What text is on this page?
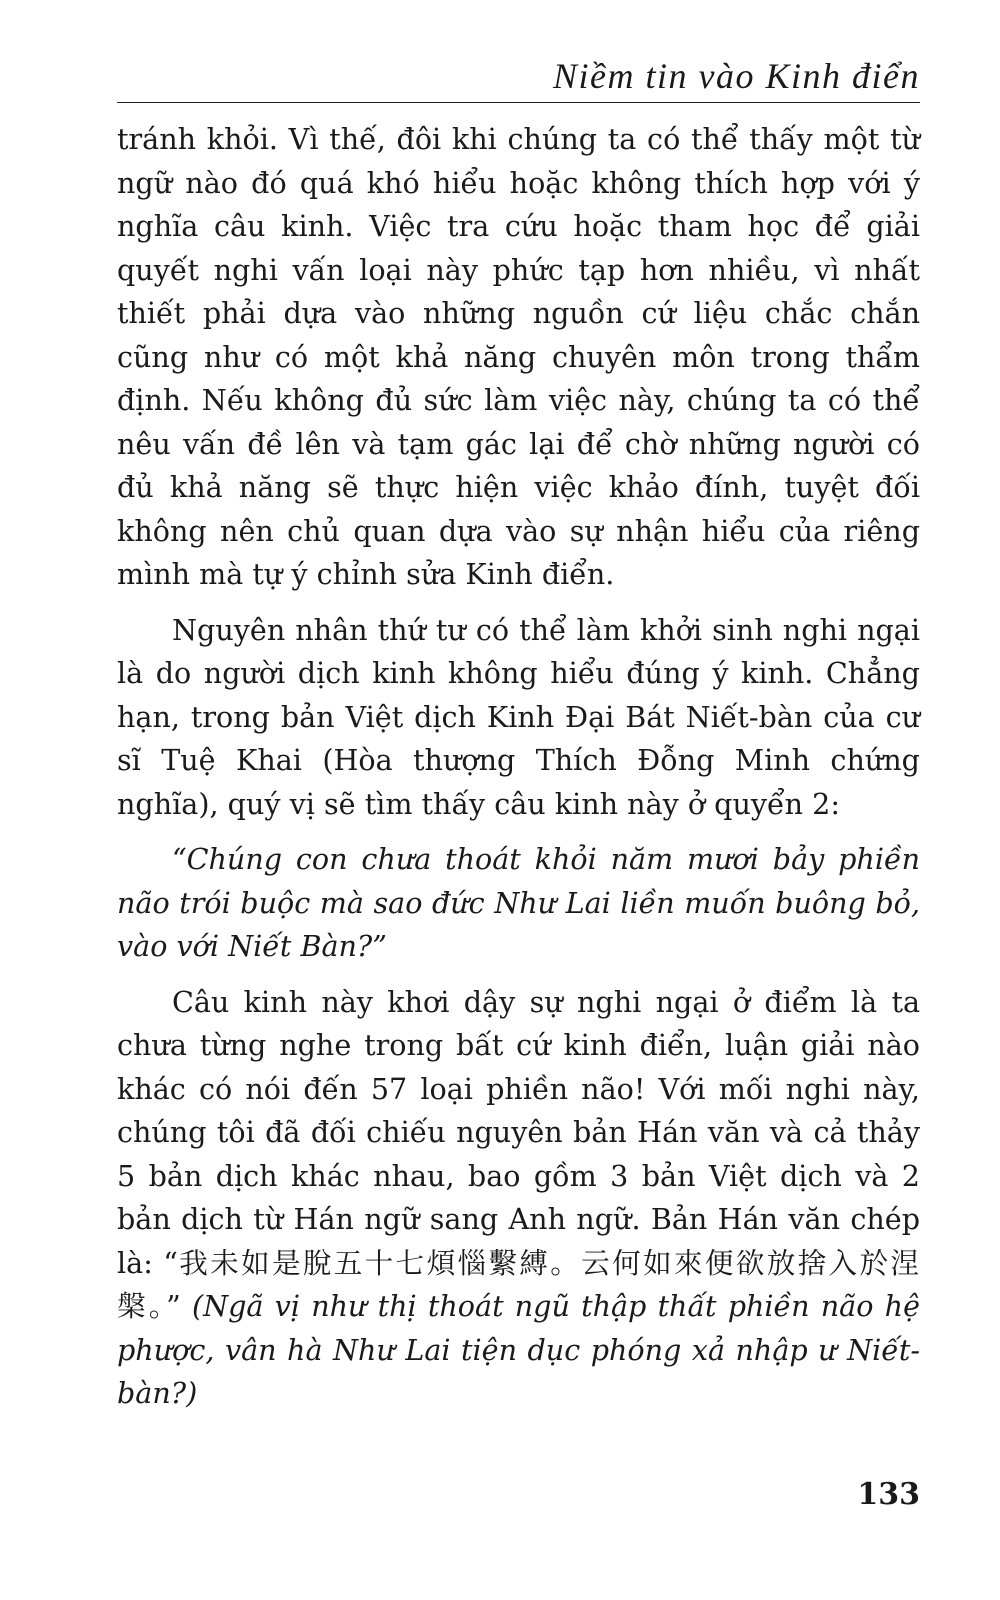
Niềm tin vào Kinh điển

tránh khỏi. Vì thế, đôi khi chúng ta có thể thấy một từ ngữ nào đó quá khó hiểu hoặc không thích hợp với ý nghĩa câu kinh. Việc tra cứu hoặc tham học để giải quyết nghi vấn loại này phức tạp hơn nhiều, vì nhất thiết phải dựa vào những nguồn cứ liệu chắc chắn cũng như có một khả năng chuyên môn trong thẩm định. Nếu không đủ sức làm việc này, chúng ta có thể nêu vấn đề lên và tạm gác lại để chờ những người có đủ khả năng sẽ thực hiện việc khảo đính, tuyệt đối không nên chủ quan dựa vào sự nhận hiểu của riêng mình mà tự ý chỉnh sửa Kinh điển.

Nguyên nhân thứ tư có thể làm khởi sinh nghi ngại là do người dịch kinh không hiểu đúng ý kinh. Chẳng hạn, trong bản Việt dịch Kinh Đại Bát Niết-bàn của cư sĩ Tuệ Khai (Hòa thượng Thích Đỗng Minh chứng nghĩa), quý vị sẽ tìm thấy câu kinh này ở quyển 2:

“Chúng con chưa thoát khỏi năm mươi bảy phiền não trói buộc mà sao đức Như Lai liền muốn buông bỏ, vào với Niết Bàn?”

Câu kinh này khơi dậy sự nghi ngại ở điểm là ta chưa từng nghe trong bất cứ kinh điển, luận giải nào khác có nói đến 57 loại phiền não! Với mối nghi này, chúng tôi đã đối chiếu nguyên bản Hán văn và cả thảy 5 bản dịch khác nhau, bao gồm 3 bản Việt dịch và 2 bản dịch từ Hán ngữ sang Anh ngữ. Bản Hán văn chép là: “我未如是脫五十七煩惱繫縛。云何如來便欲放捨入於涅槃。” (Ngã vị như thị thoát ngũ thập thất phiền não hệ phược, vân hà Như Lai tiện dục phóng xả nhập ư Niết-bàn?)

133
